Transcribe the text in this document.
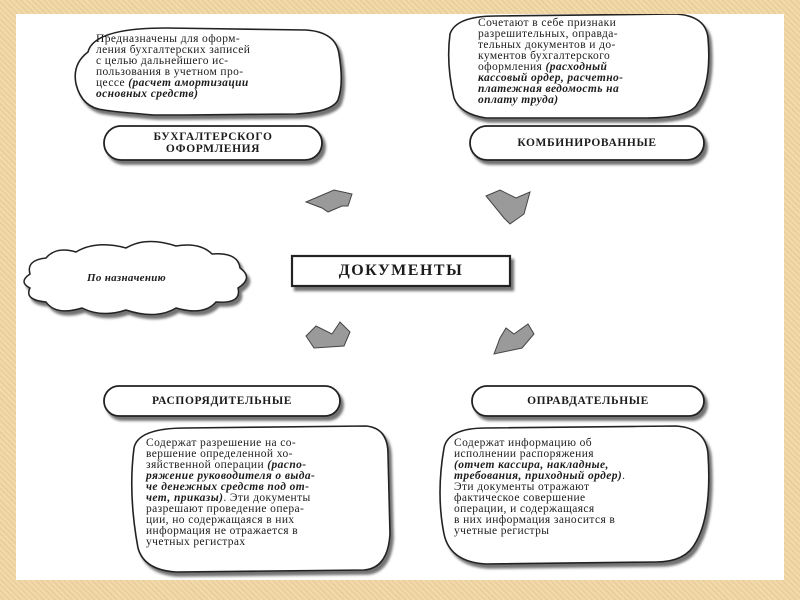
Предназначены для оформ-
ления бухгалтерских записей
с целью дальнейшего ис-
пользования в учетном про-
цессе (расчет амортизации
основных средств)
Сочетают в себе признаки
разрешительных, оправда-
тельных документов и до-
кументов бухгалтерского
оформления (расходный
кассовый ордер, расчетно-
платежная ведомость на
оплату труда)
БУХГАЛТЕРСКОГО
ОФОРМЛЕНИЯ	КОМБИНИРОВАННЫЕ
ДОКУМЕНТЫ
По назначению
РАСПОРЯДИТЕЛЬНЫЕ	ОПРАВДАТЕЛЬНЫЕ
Содержат разрешение на со-
вершение определенной хо-
зяйственной операции (распо-
ряжение руководителя о выда-
че денежных средств под от-
чет, приказы). Эти документы
разрешают проведение опера-
ции, но содержащаяся в них
информация не отражается в
учетных регистрах
Содержат информацию об
исполнении распоряжения
(отчет кассира, накладные,
требования, приходный ордер).
Эти документы отражают
фактическое совершение
операции, и содержащаяся
в них информация заносится в
учетные регистры
